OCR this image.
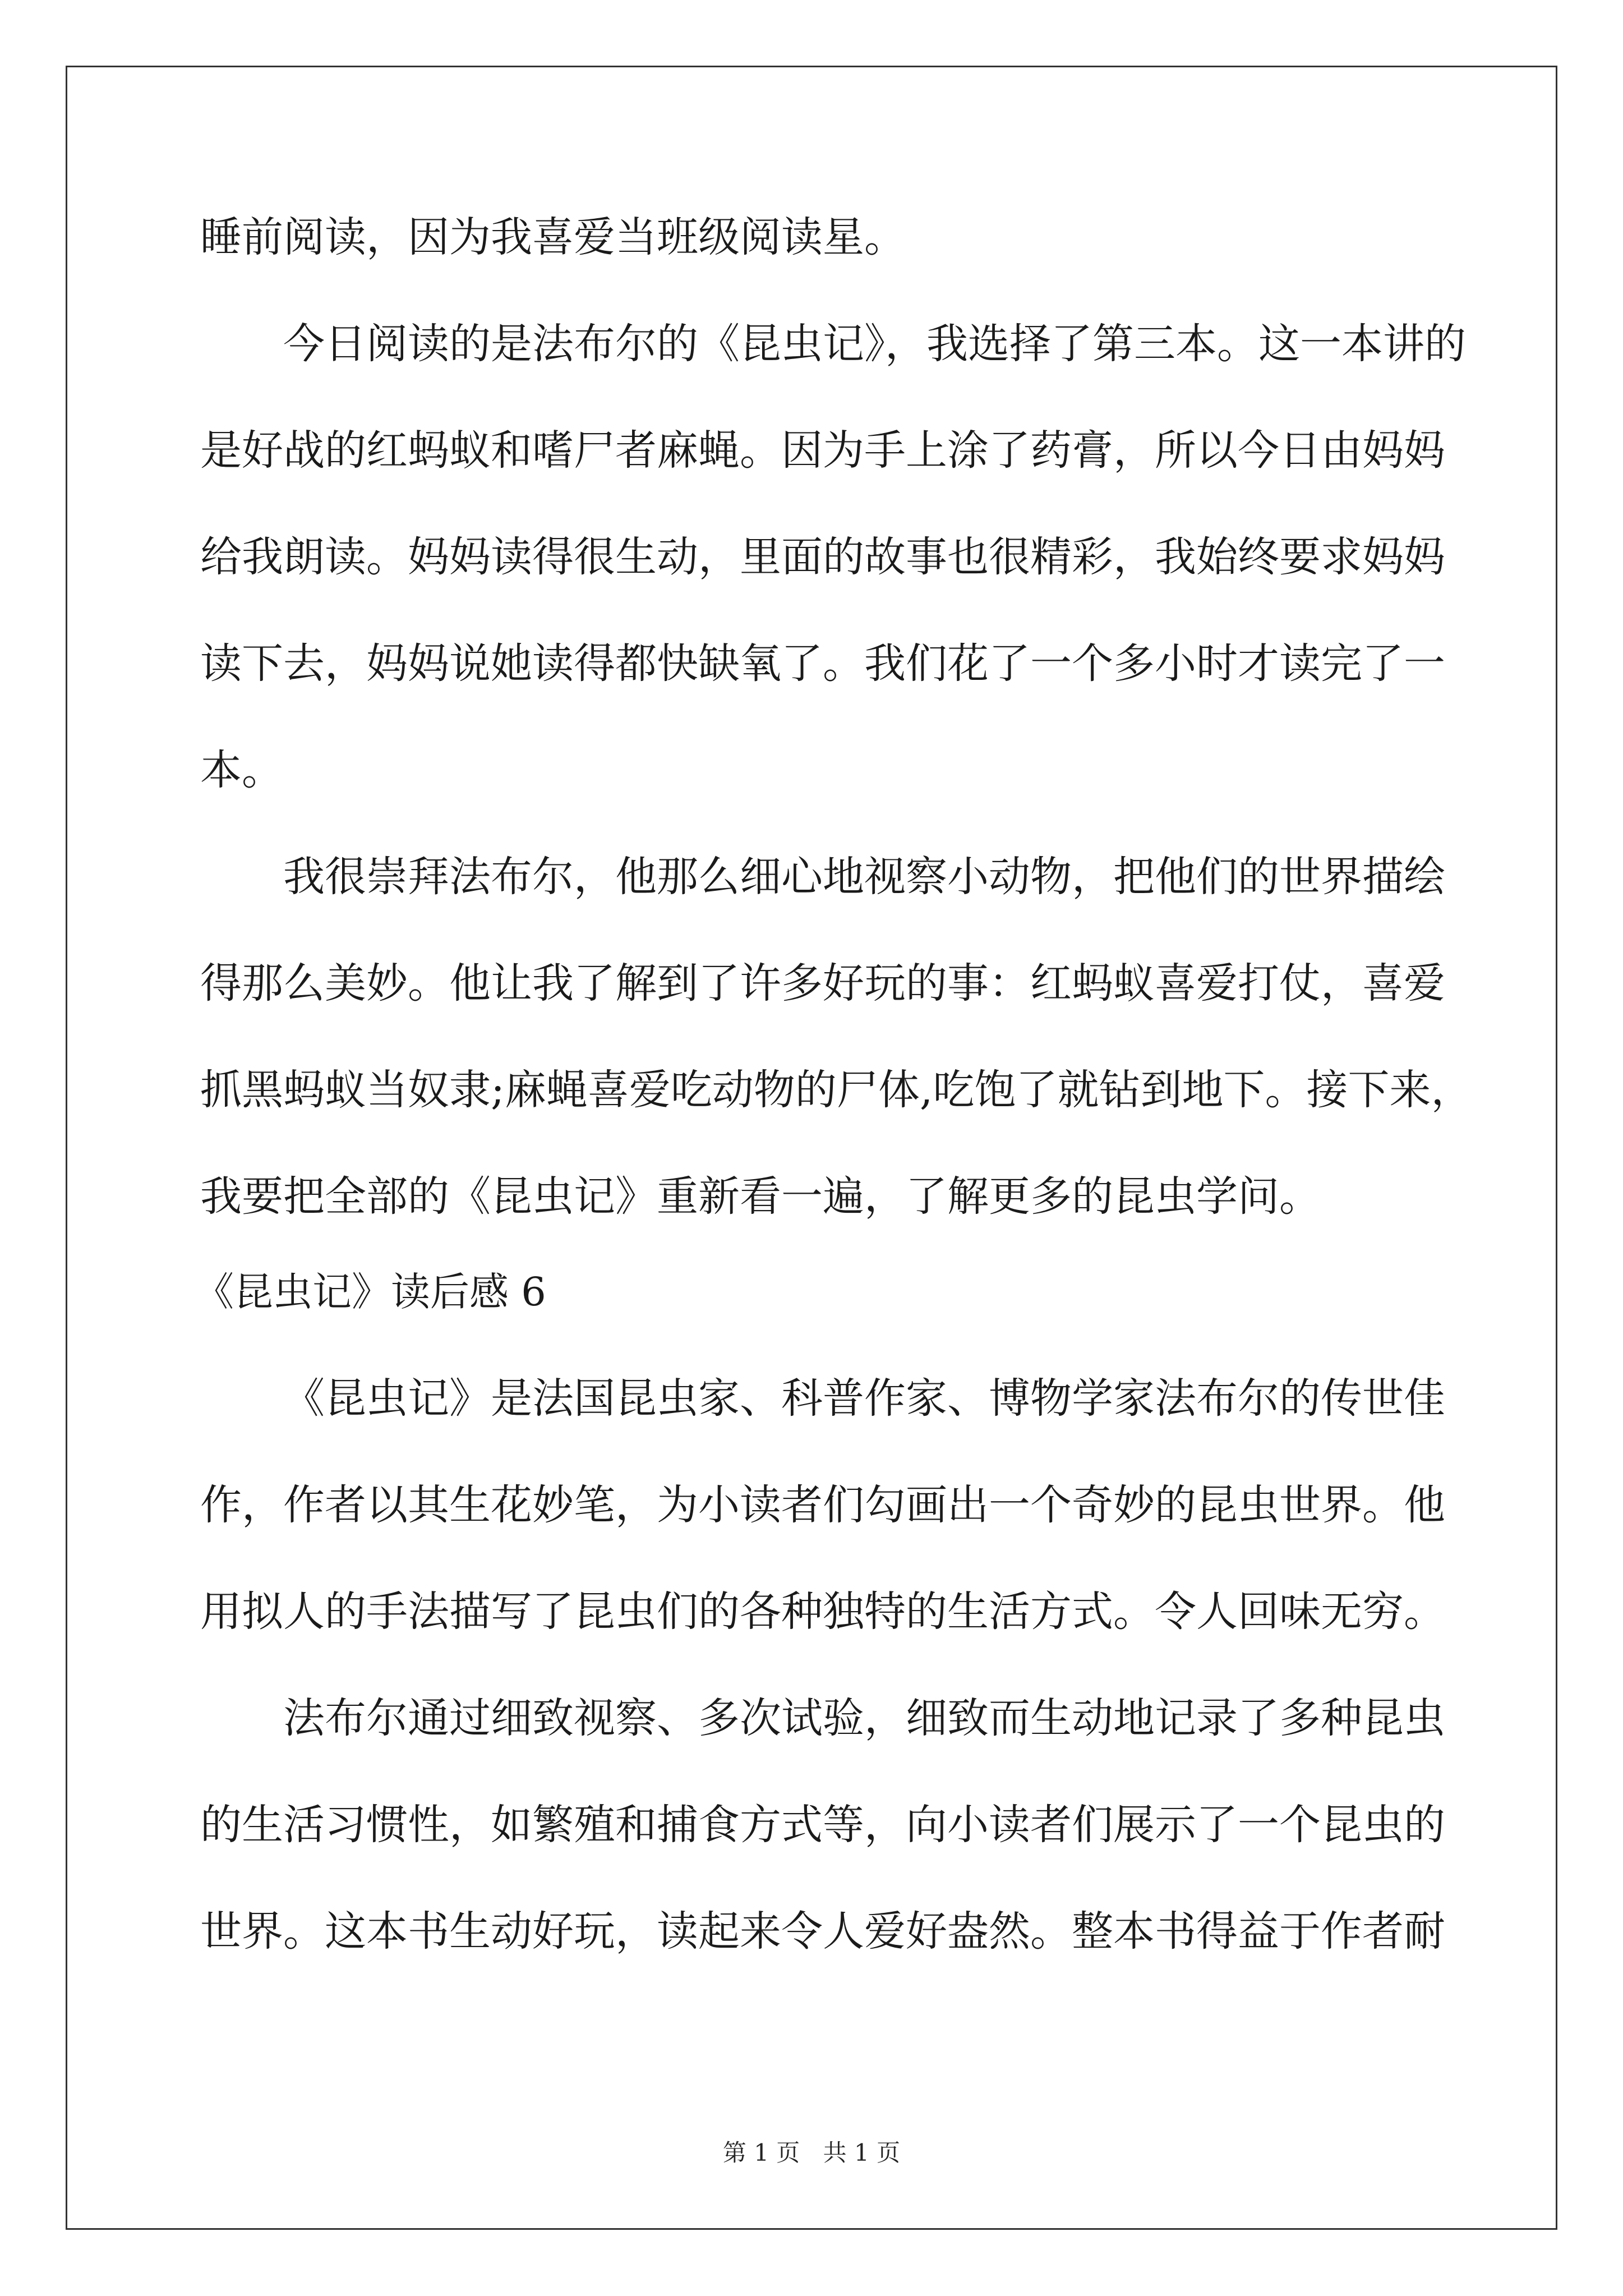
睡前阅读，因为我喜爱当班级阅读星。
今日阅读的是法布尔的《昆虫记》，我选择了第三本。这一本讲的
是好战的红蚂蚁和嗜尸者麻蝇。因为手上涂了药膏，所以今日由妈妈
给我朗读。妈妈读得很生动，里面的故事也很精彩，我始终要求妈妈
读下去，妈妈说她读得都快缺氧了。我们花了一个多小时才读完了一
本。
我很崇拜法布尔，他那么细心地视察小动物，把他们的世界描绘
得那么美妙。他让我了解到了许多好玩的事：红蚂蚁喜爱打仗，喜爱
抓黑蚂蚁当奴隶;麻蝇喜爱吃动物的尸体,吃饱了就钻到地下。接下来，
我要把全部的《昆虫记》重新看一遍，了解更多的昆虫学问。
《昆虫记》读后感 6
《昆虫记》是法国昆虫家、科普作家、博物学家法布尔的传世佳
作，作者以其生花妙笔，为小读者们勾画出一个奇妙的昆虫世界。他
用拟人的手法描写了昆虫们的各种独特的生活方式。令人回味无穷。
法布尔通过细致视察、多次试验，细致而生动地记录了多种昆虫
的生活习惯性，如繁殖和捕食方式等，向小读者们展示了一个昆虫的
世界。这本书生动好玩，读起来令人爱好盎然。整本书得益于作者耐
第 1 页 共 1 页
